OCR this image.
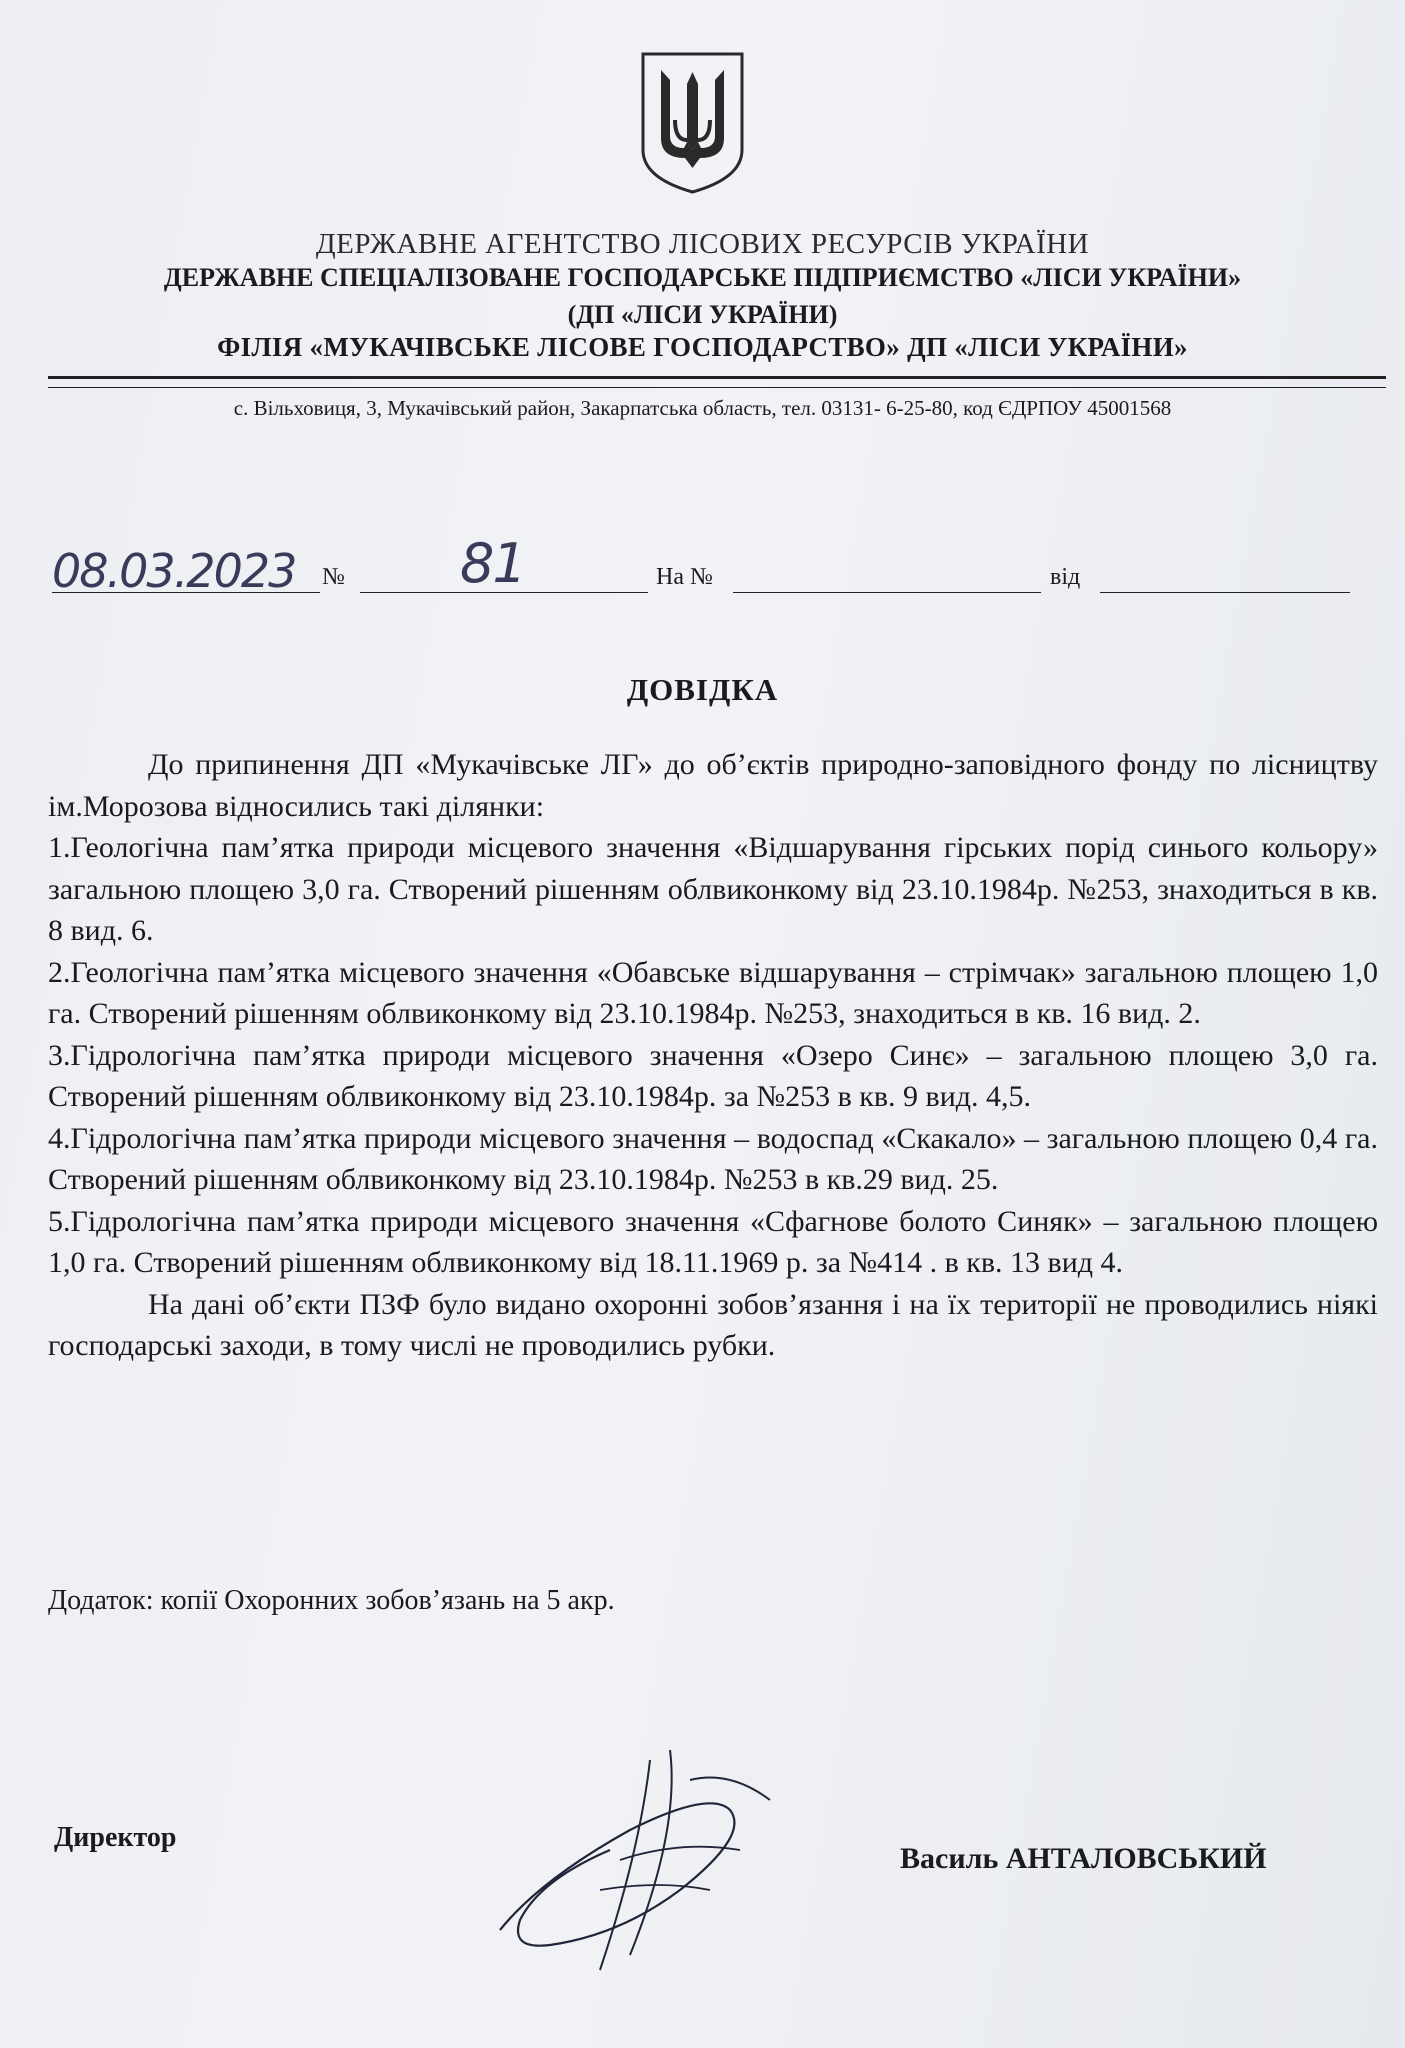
ДЕРЖАВНЕ АГЕНТСТВО ЛІСОВИХ РЕСУРСІВ УКРАЇНИ
ДЕРЖАВНЕ СПЕЦІАЛІЗОВАНЕ ГОСПОДАРСЬКЕ ПІДПРИЄМСТВО «ЛІСИ УКРАЇНИ»
(ДП «ЛІСИ УКРАЇНИ)
ФІЛІЯ «МУКАЧІВСЬКЕ ЛІСОВЕ ГОСПОДАРСТВО» ДП «ЛІСИ УКРАЇНИ»
с. Вільховиця, 3, Мукачівський район, Закарпатська область, тел. 03131- 6-25-80, код ЄДРПОУ 45001568
08.03.2023 № 81	На №	від
ДОВІДКА

До припинення ДП «Мукачівське ЛГ» до об’єктів природно-заповідного фонду по лісництву ім.Морозова відносились такі ділянки:

1.Геологічна пам’ятка природи місцевого значення «Відшарування гірських порід синього кольору» загальною площею 3,0 га. Створений рішенням облвиконкому від 23.10.1984р. №253, знаходиться в кв. 8 вид. 6.

2.Геологічна пам’ятка місцевого значення «Обавське відшарування – стрімчак» загальною площею 1,0 га. Створений рішенням облвиконкому від 23.10.1984р. №253, знаходиться в кв. 16 вид. 2.

3.Гідрологічна пам’ятка природи місцевого значення «Озеро Синє» – загальною площею 3,0 га. Створений рішенням облвиконкому від 23.10.1984р. за №253 в кв. 9 вид. 4,5.

4.Гідрологічна пам’ятка природи місцевого значення – водоспад «Скакало» – загальною площею 0,4 га. Створений рішенням облвиконкому від 23.10.1984р. №253 в кв.29 вид. 25.

5.Гідрологічна пам’ятка природи місцевого значення «Сфагнове болото Синяк» – загальною площею 1,0 га. Створений рішенням облвиконкому від 18.11.1969 р. за №414 . в кв. 13 вид 4.

На дані об’єкти ПЗФ було видано охоронні зобов’язання і на їх території не проводились ніякі господарські заходи, в тому числі не проводились рубки.

Додаток: копії Охоронних зобов’язань на 5 акр.
Директор
Василь АНТАЛОВСЬКИЙ
